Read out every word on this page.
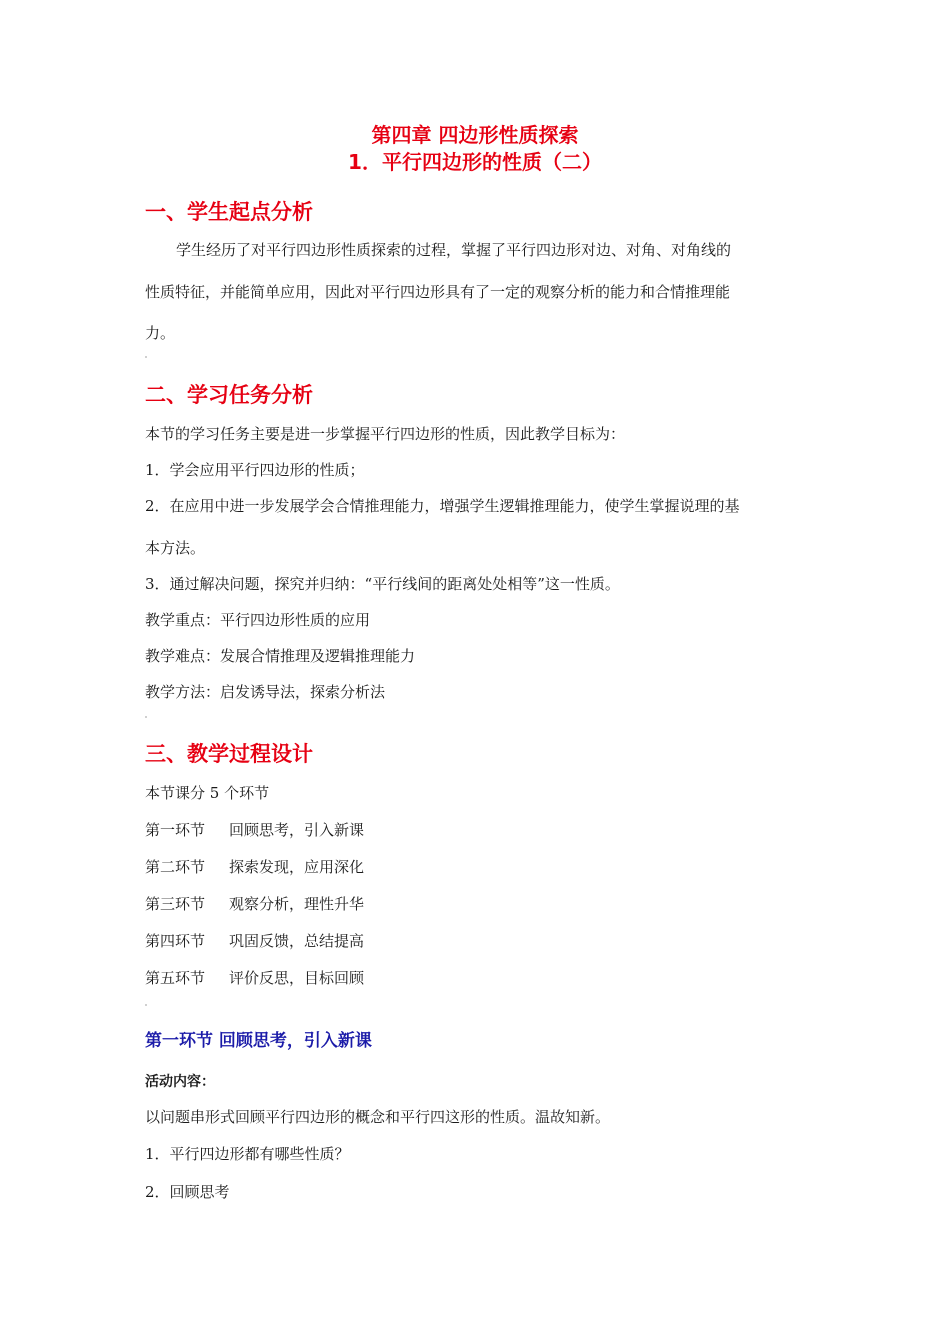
第四章 四边形性质探索
1．平行四边形的性质（二）
一、学生起点分析
学生经历了对平行四边形性质探索的过程，掌握了平行四边形对边、对角、对角线的
性质特征，并能简单应用，因此对平行四边形具有了一定的观察分析的能力和合情推理能
力。
二、学习任务分析
本节的学习任务主要是进一步掌握平行四边形的性质，因此教学目标为：
1．学会应用平行四边形的性质；
2．在应用中进一步发展学会合情推理能力，增强学生逻辑推理能力，使学生掌握说理的基
本方法。
3．通过解决问题，探究并归纳：“平行线间的距离处处相等”这一性质。
教学重点：平行四边形性质的应用
教学难点：发展合情推理及逻辑推理能力
教学方法：启发诱导法，探索分析法
三、教学过程设计
本节课分 5 个环节
第一环节 回顾思考，引入新课
第二环节 探索发现，应用深化
第三环节 观察分析，理性升华
第四环节 巩固反馈，总结提高
第五环节 评价反思，目标回顾
第一环节 回顾思考，引入新课
活动内容：
以问题串形式回顾平行四边形的概念和平行四这形的性质。温故知新。
1．平行四边形都有哪些性质？
2．回顾思考
